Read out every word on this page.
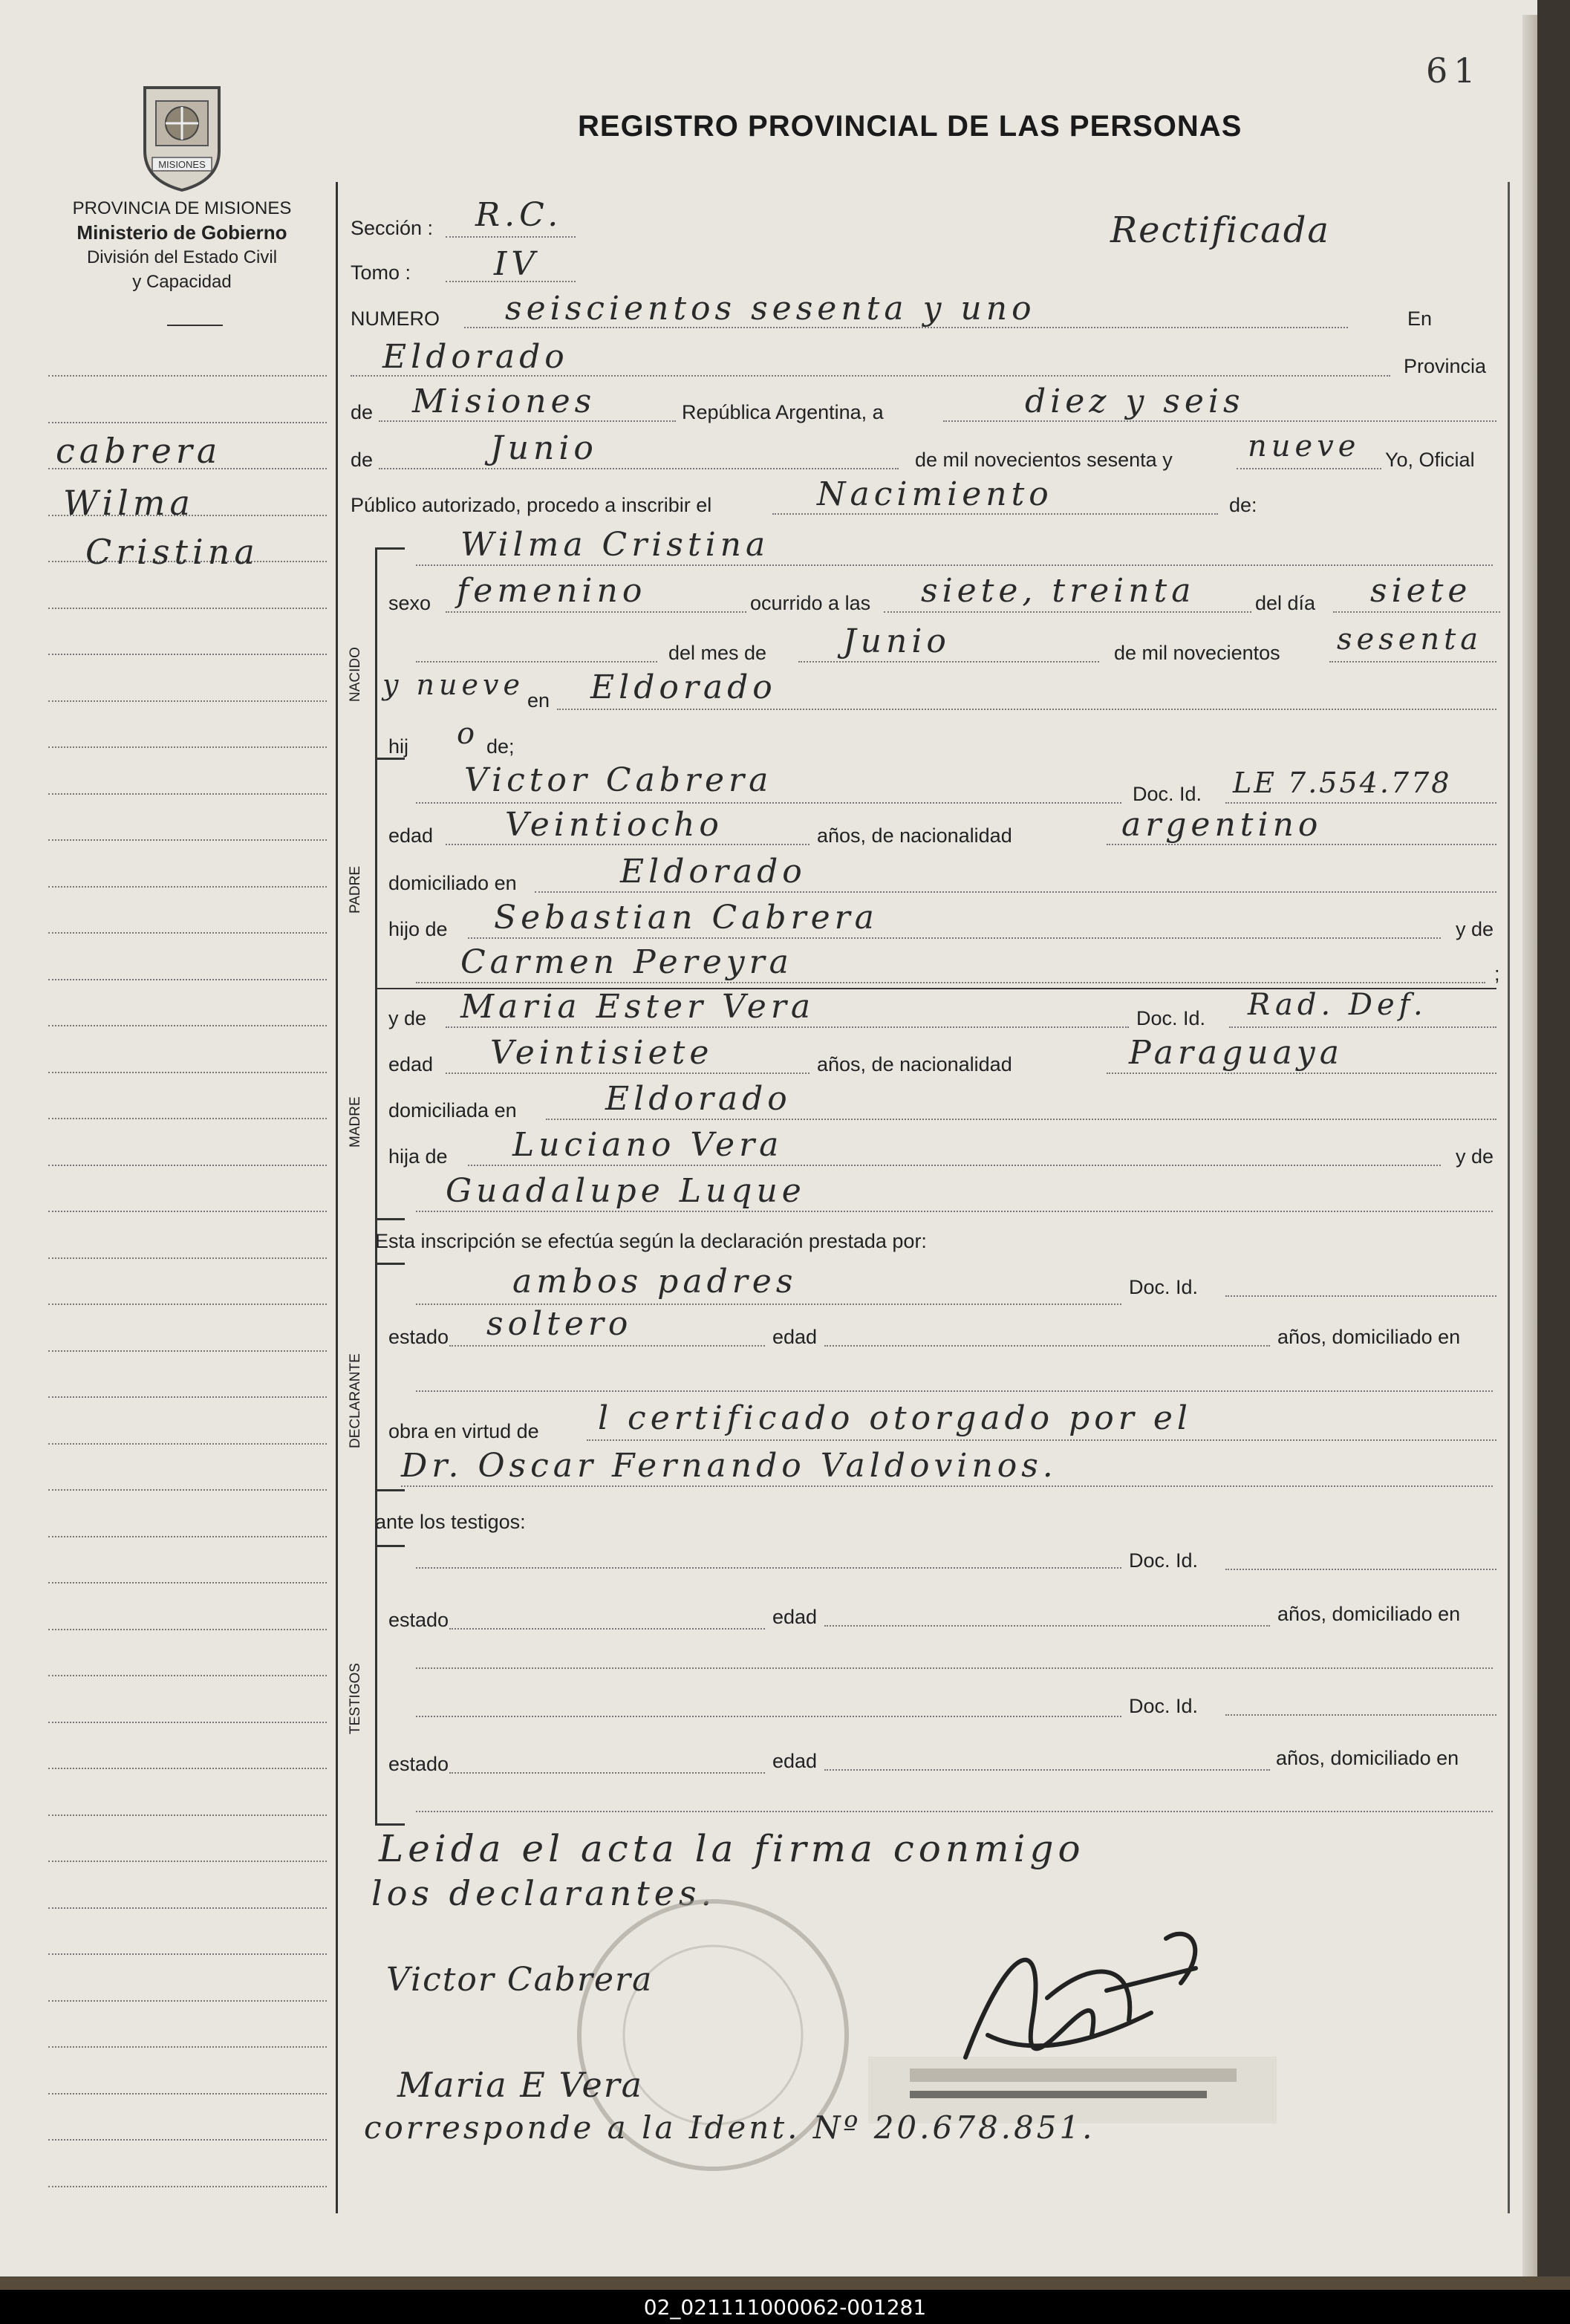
02_021111000062-001281
61
REGISTRO PROVINCIAL DE LAS PERSONAS
MISIONES
PROVINCIA DE MISIONES
Ministerio de Gobierno
División del Estado Civil
y Capacidad
cabrera
Wilma
Cristina
NACIDO
PADRE
MADRE
DECLARANTE
TESTIGOS
Sección : R.C.	Rectificada
Tomo :	IV
NUMERO seiscientos sesenta y uno	En
Eldorado	Provincia
de Misiones	República Argentina, a	diez y seis
de	Junio	de mil novecientos sesenta y	nueve Yo, Oficial
Público autorizado, procedo a inscribir el	Nacimiento	de:
Wilma Cristina
sexo femenino	ocurrido a las siete, treinta	del día siete
del mes de Junio	de mil novecientos sesenta
y nueve en Eldorado
hij o de;
Victor Cabrera	Doc. Id. LE 7.554.778
edad Veintiocho	años, de nacionalidad	argentino
domiciliado en	Eldorado
hijo de Sebastian Cabrera	y de
Carmen Pereyra	;
y de Maria Ester Vera	Doc. Id. Rad. Def.
edad Veintisiete	años, de nacionalidad	Paraguaya
domiciliada en	Eldorado
hija de Luciano Vera	y de
Guadalupe Luque
Esta inscripción se efectúa según la declaración prestada por:
ambos padres	Doc. Id.
estado soltero	edad	años, domiciliado en
obra en virtud de l certificado otorgado por el
Dr. Oscar Fernando Valdovinos.
ante los testigos:
Doc. Id.
estado	edad	años, domiciliado en
Doc. Id.
estado	edad	años, domiciliado en
Leida el acta la firma conmigo
los declarantes.
Victor Cabrera
Maria E Vera
corresponde a la Ident. Nº 20.678.851.
